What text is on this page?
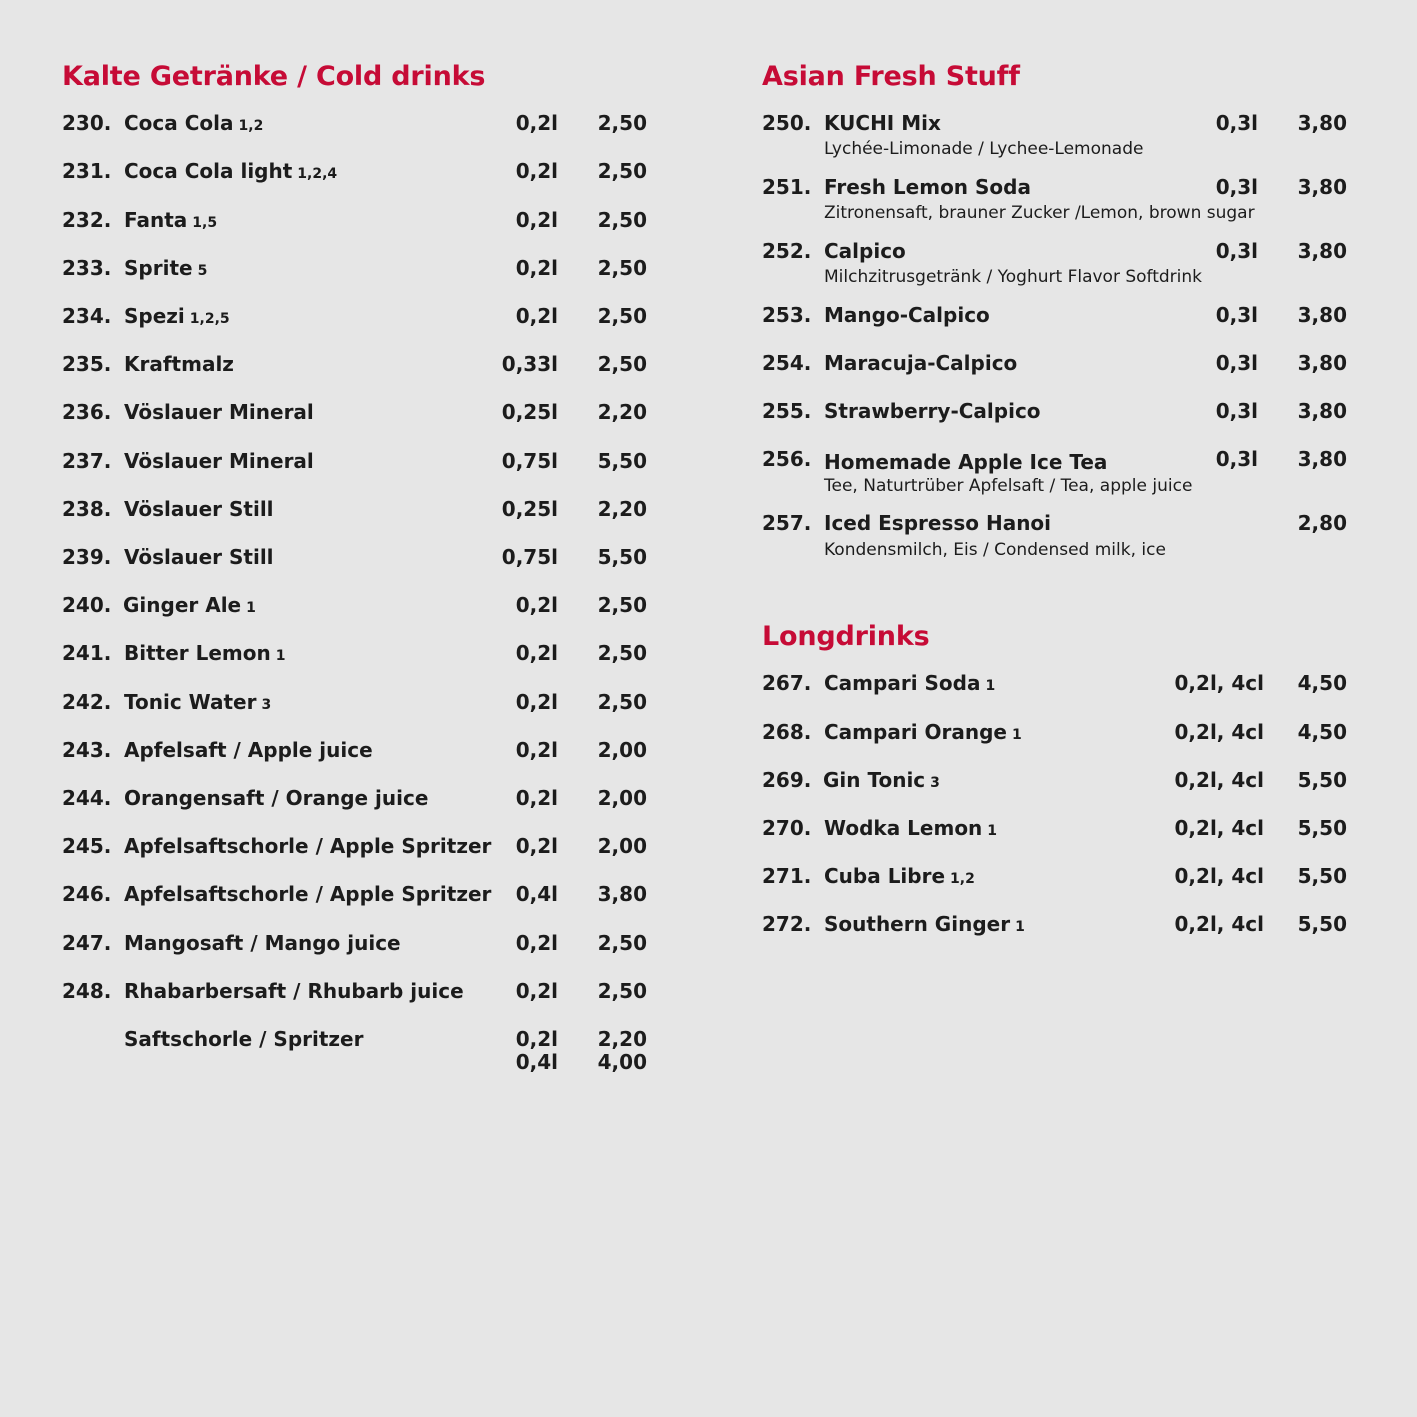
Kalte Getränke / Cold drinks
230. Coca Cola 1,2	0,2l 2,50
231. Coca Cola light 1,2,4	0,2l 2,50
232. Fanta 1,5	0,2l 2,50
233. Sprite 5	0,2l 2,50
234. Spezi 1,2,5	0,2l 2,50
235. Kraftmalz	0,33l 2,50
236. Vöslauer Mineral	0,25l 2,20
237. Vöslauer Mineral	0,75l 5,50
238. Vöslauer Still	0,25l 2,20
239. Vöslauer Still	0,75l 5,50
240. Ginger Ale 1	0,2l 2,50
241. Bitter Lemon 1	0,2l 2,50
242. Tonic Water 3	0,2l 2,50
243. Apfelsaft / Apple juice	0,2l 2,00
244. Orangensaft / Orange juice	0,2l 2,00
245. Apfelsaftschorle / Apple Spritzer 0,2l 2,00
246. Apfelsaftschorle / Apple Spritzer 0,4l 3,80
247. Mangosaft / Mango juice	0,2l 2,50
248. Rhabarbersaft / Rhubarb juice	0,2l 2,50
Saftschorle / Spritzer	0,2l 2,20
0,4l 4,00
Asian Fresh Stuff
250. KUCHI Mix	0,3l 3,80
Lychée-Limonade / Lychee-Lemonade
251. Fresh Lemon Soda	0,3l 3,80
Zitronensaft, brauner Zucker /Lemon, brown sugar
252. Calpico	0,3l 3,80
Milchzitrusgetränk / Yoghurt Flavor Softdrink
253. Mango-Calpico	0,3l 3,80
254. Maracuja-Calpico	0,3l 3,80
255. Strawberry-Calpico	0,3l 3,80
256. Homemade Apple Ice Tea	0,3l 3,80
Tee, Naturtrüber Apfelsaft / Tea, apple juice
257. Iced Espresso Hanoi	2,80
Kondensmilch, Eis / Condensed milk, ice
Longdrinks
267. Campari Soda 1	0,2l, 4cl 4,50
268. Campari Orange 1	0,2l, 4cl 4,50
269. Gin Tonic 3	0,2l, 4cl 5,50
270. Wodka Lemon 1	0,2l, 4cl 5,50
271. Cuba Libre 1,2	0,2l, 4cl 5,50
272. Southern Ginger 1	0,2l, 4cl 5,50
